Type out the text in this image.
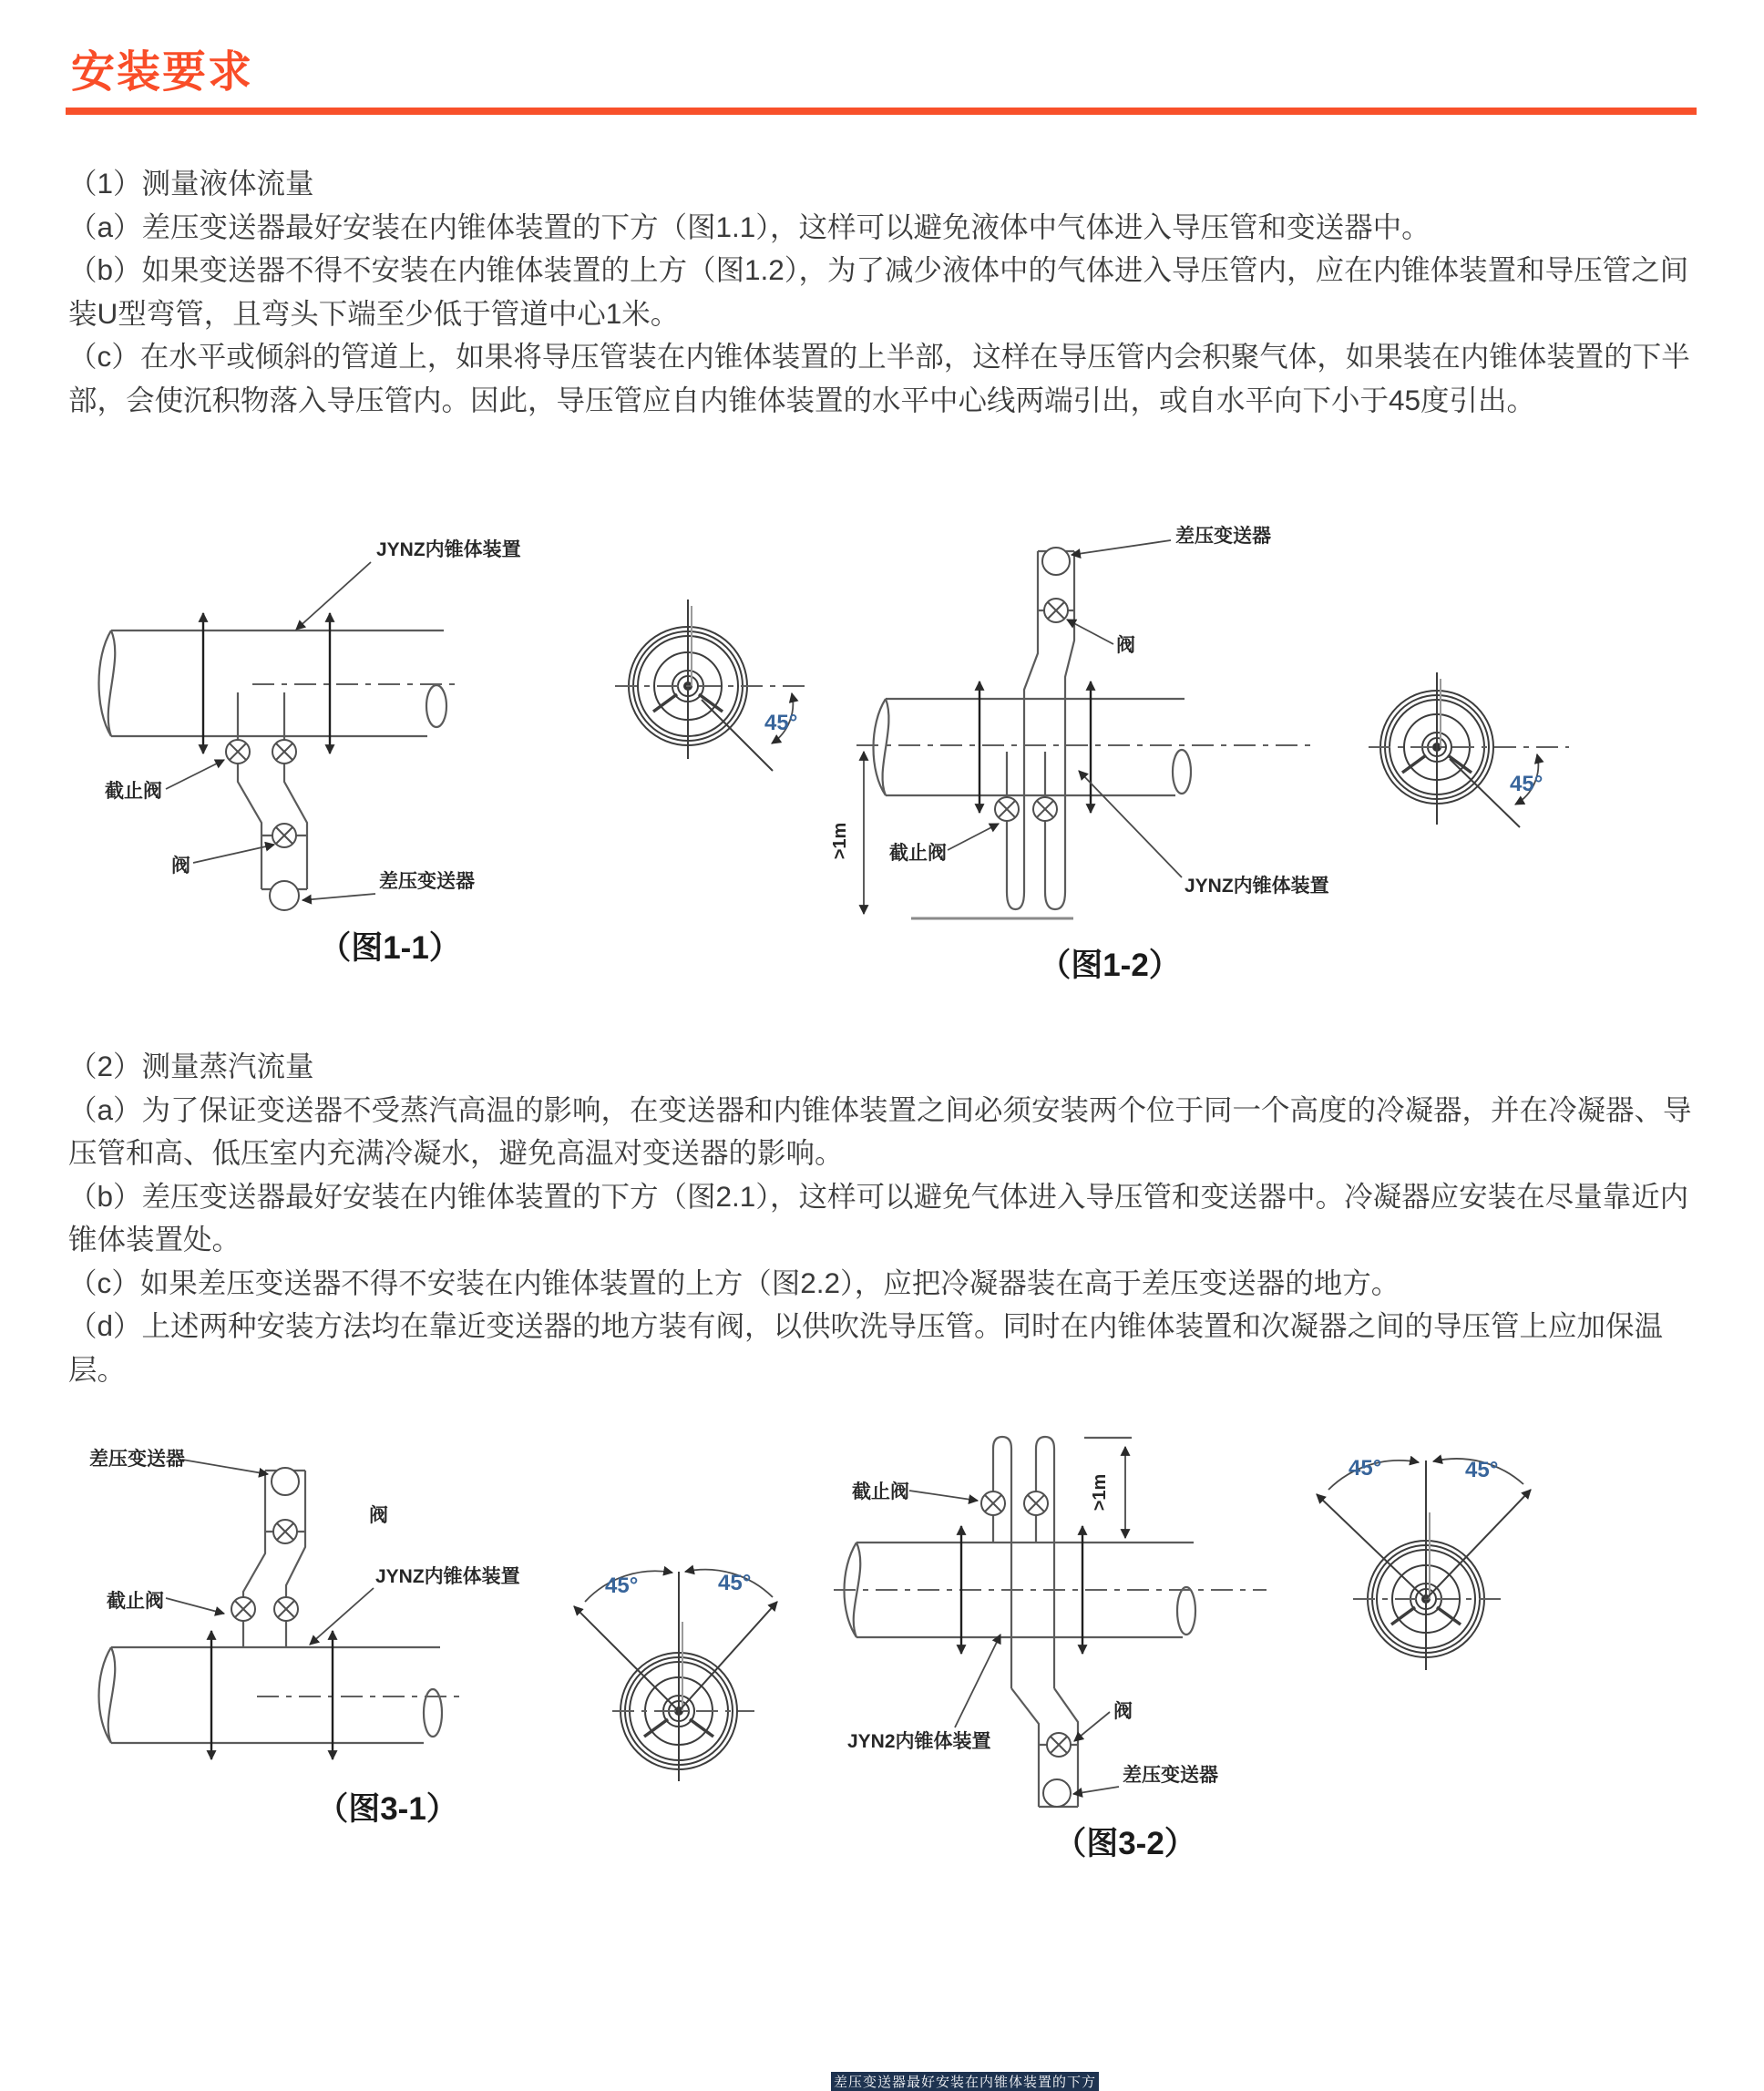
安装要求

（1）测量液体流量

（a）差压变送器最好安装在内锥体装置的下方（图1.1），这样可以避免液体中气体进入导压管和变送器中。

（b）如果变送器不得不安装在内锥体装置的上方（图1.2），为了减少液体中的气体进入导压管内，应在内锥体装置和导压管之间装U型弯管，且弯头下端至少低于管道中心1米。

（c）在水平或倾斜的管道上，如果将导压管装在内锥体装置的上半部，这样在导压管内会积聚气体，如果装在内锥体装置的下半部，会使沉积物落入导压管内。因此，导压管应自内锥体装置的水平中心线两端引出，或自水平向下小于45度引出。

JYNZ内锥体装置
截止阀
阀
差压变送器
（图1-1）
45°
差压变送器
阀
截止阀
JYNZ内锥体装置
>1m
（图1-2）
45°

（2）测量蒸汽流量

（a）为了保证变送器不受蒸汽高温的影响，在变送器和内锥体装置之间必须安装两个位于同一个高度的冷凝器，并在冷凝器、导压管和高、低压室内充满冷凝水，避免高温对变送器的影响。

（b）差压变送器最好安装在内锥体装置的下方（图2.1），这样可以避免气体进入导压管和变送器中。冷凝器应安装在尽量靠近内锥体装置处。

（c）如果差压变送器不得不安装在内锥体装置的上方（图2.2），应把冷凝器装在高于差压变送器的地方。

（d）上述两种安装方法均在靠近变送器的地方装有阀，以供吹洗导压管。同时在内锥体装置和次凝器之间的导压管上应加保温层。

差压变送器
阀
截止阀
JYNZ内锥体装置
（图3-1）
45°	45°
截止阀
JYN2内锥体装置
阀
差压变送器
>1m
（图3-2）
45°	45°
差压变送器最好安装在内锥体装置的下方
